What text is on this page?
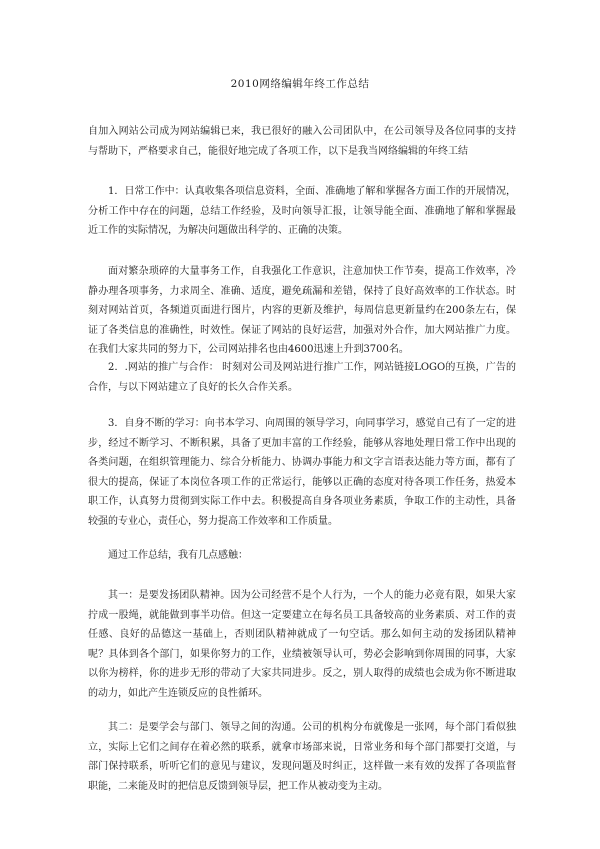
2010网络编辑年终工作总结

自加入网站公司成为网站编辑已来，我已很好的融入公司团队中，在公司领导及各位同事的支持与帮助下，严格要求自己，能很好地完成了各项工作，以下是我当网络编辑的年终工结

1．日常工作中：认真收集各项信息资料，全面、准确地了解和掌握各方面工作的开展情况，分析工作中存在的问题，总结工作经验，及时向领导汇报，让领导能全面、准确地了解和掌握最近工作的实际情况，为解决问题做出科学的、正确的决策。

面对繁杂琐碎的大量事务工作，自我强化工作意识，注意加快工作节奏，提高工作效率，冷静办理各项事务，力求周全、准确、适度，避免疏漏和差错，保持了良好高效率的工作状态。时刻对网站首页，各频道页面进行图片，内容的更新及维护，每周信息更新量约在200条左右，保证了各类信息的准确性，时效性。保证了网站的良好运营，加强对外合作，加大网站推广力度。在我们大家共同的努力下，公司网站排名也由4600迅速上升到3700名。

2．.网站的推广与合作： 时刻对公司及网站进行推广工作，网站链接LOGO的互换，广告的合作，与以下网站建立了良好的长久合作关系。

3．自身不断的学习：向书本学习、向周围的领导学习，向同事学习，感觉自己有了一定的进步，经过不断学习、不断积累，具备了更加丰富的工作经验，能够从容地处理日常工作中出现的各类问题，在组织管理能力、综合分析能力、协调办事能力和文字言语表达能力等方面，都有了很大的提高，保证了本岗位各项工作的正常运行，能够以正确的态度对待各项工作任务，热爱本职工作，认真努力贯彻到实际工作中去。积极提高自身各项业务素质，争取工作的主动性，具备较强的专业心，责任心，努力提高工作效率和工作质量。

通过工作总结，我有几点感触：

其一：是要发扬团队精神。因为公司经营不是个人行为，一个人的能力必竟有限，如果大家拧成一股绳，就能做到事半功倍。但这一定要建立在每名员工具备较高的业务素质、对工作的责任感、良好的品德这一基础上，否则团队精神就成了一句空话。那么如何主动的发扬团队精神呢？具体到各个部门，如果你努力的工作，业绩被领导认可，势必会影响到你周围的同事，大家以你为榜样，你的进步无形的带动了大家共同进步。反之，别人取得的成绩也会成为你不断进取的动力，如此产生连锁反应的良性循环。

其二：是要学会与部门、领导之间的沟通。公司的机构分布就像是一张网，每个部门看似独立，实际上它们之间存在着必然的联系，就拿市场部来说，日常业务和每个部门都要打交道，与部门保持联系，听听它们的意见与建议，发现问题及时纠正，这样做一来有效的发挥了各项监督职能，二来能及时的把信息反馈到领导层，把工作从被动变为主动。
